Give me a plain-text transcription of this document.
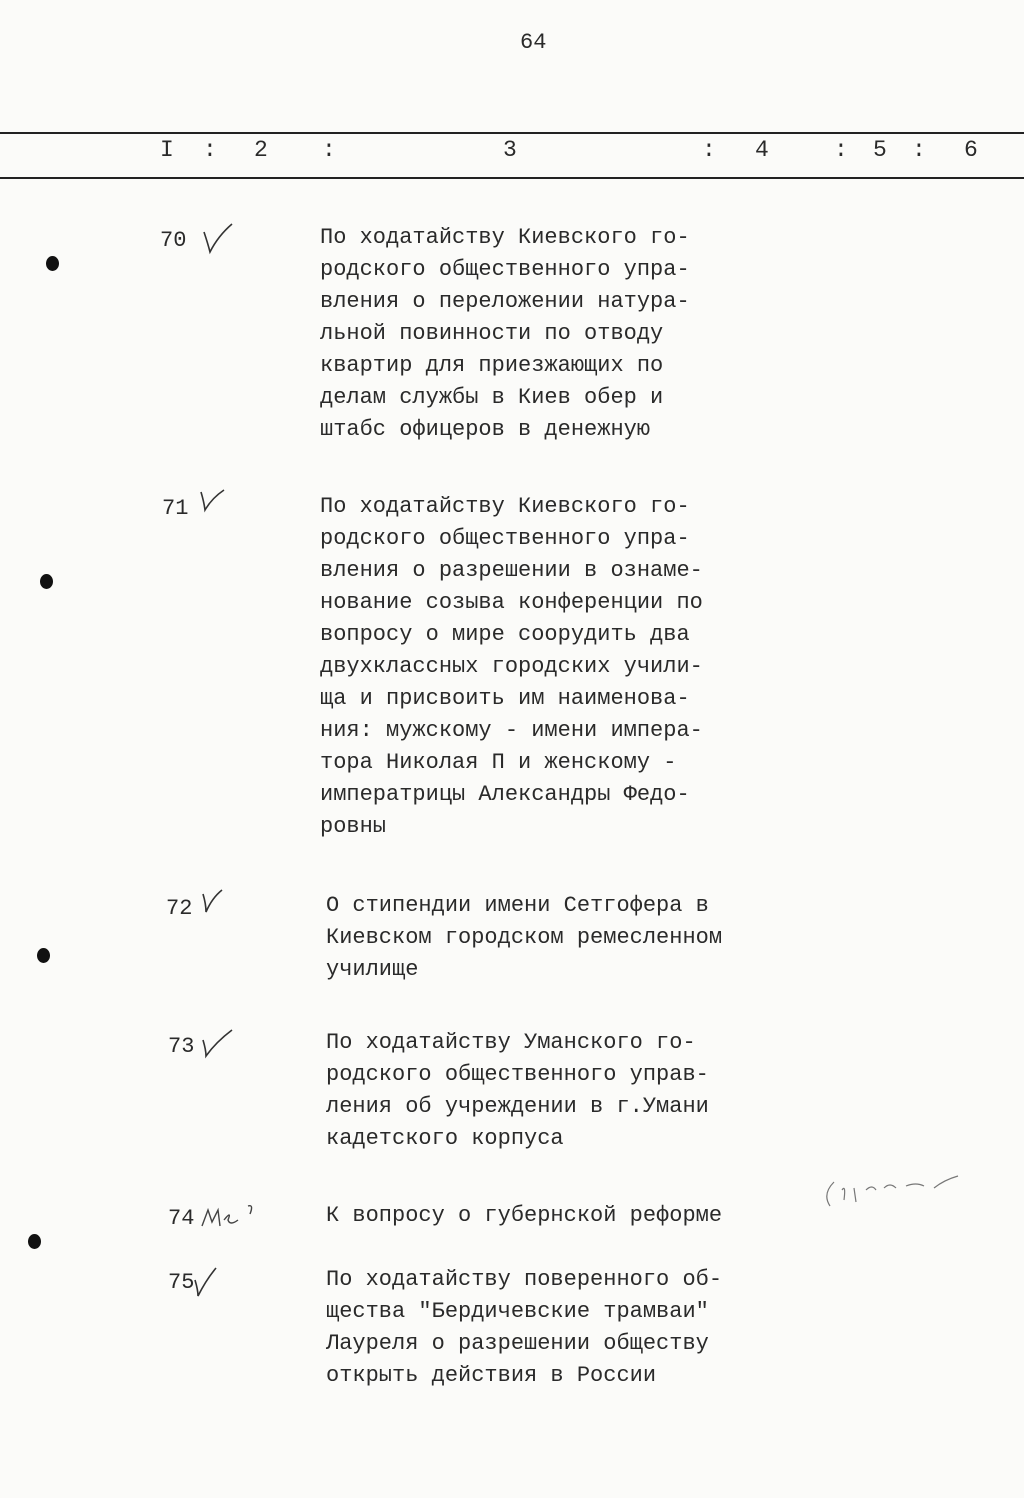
64
I : 2 :	3	: 4	: 5 : 6
70	По ходатайству Киевского го-
родского общественного упра-
вления о переложении натура-
льной повинности по отводу
квартир для приезжающих по
делам службы в Киев обер и
штабс офицеров в денежную
71	По ходатайству Киевского го-
родского общественного упра-
вления о разрешении в ознаме-
нование созыва конференции по
вопросу о мире соорудить два
двухклассных городских учили-
ща и присвоить им наименова-
ния: мужскому - имени импера-
тора Николая П и женскому -
императрицы Александры Федо-
ровны
72	О стипендии имени Сетгофера в
Киевском городском ремесленном
училище
73	По ходатайству Уманского го-
родского общественного управ-
ления об учреждении в г.Умани
кадетского корпуса
74	К вопросу о губернской реформе
75	По ходатайству поверенного об-
щества "Бердичевские трамваи"
Лауреля о разрешении обществу
открыть действия в России
